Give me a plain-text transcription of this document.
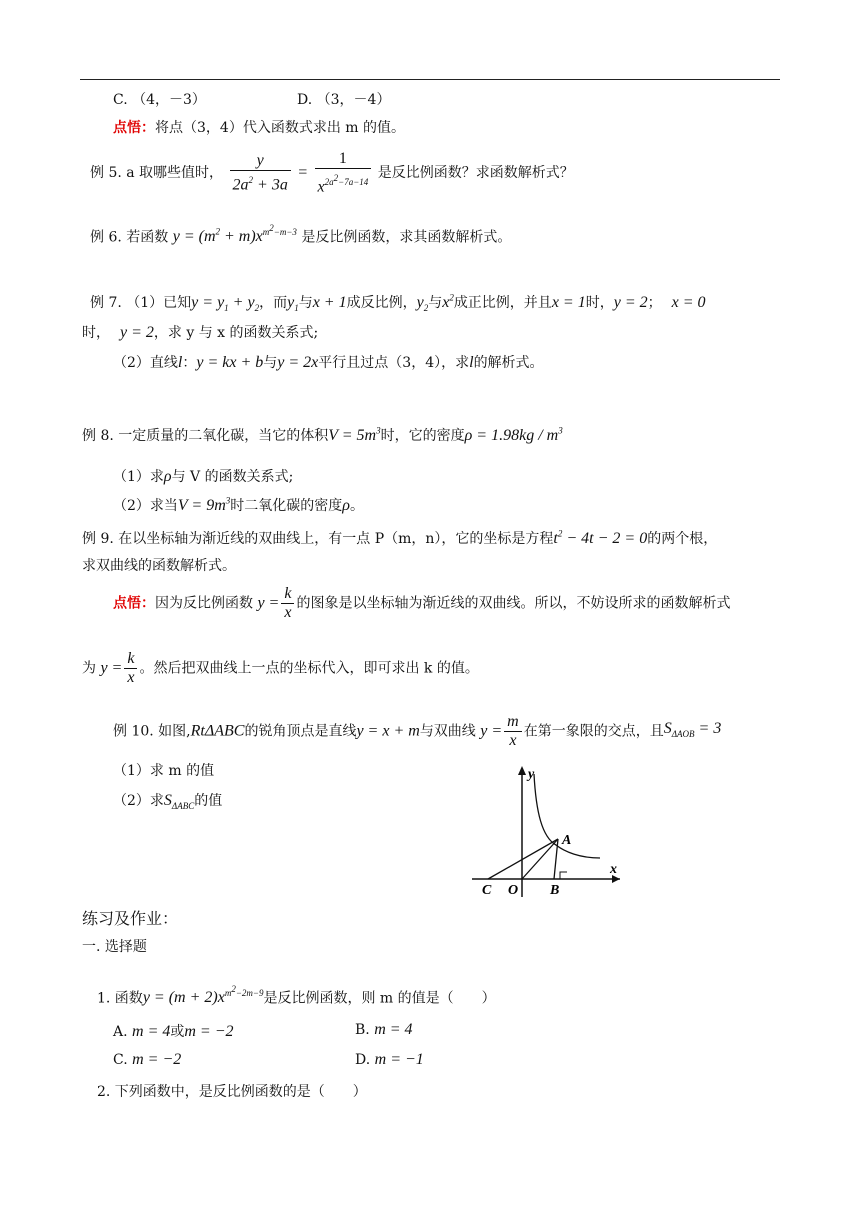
C. （4，－3）	D. （3，－4）
点悟：将点（3，4）代入函数式求出 m 的值。
例 5. a 取哪些值时， $\frac{y}{2a^2 + 3a} = \frac{1}{x^{2a^2-7a-14}}$ 是反比例函数？求函数解析式？
例 6. 若函数 $y = (m^2 + m)x^{m^2-m-3}$ 是反比例函数，求其函数解析式。
例 7. （1）已知$y = y_1 + y_2$，而$y_1$与x + 1成反比例，$y_2$与$x^2$成正比例，并且x = 1时，y = 2； x = 0
时， y = 2，求 y 与 x 的函数关系式;
（2）直线l：y = kx + b与y = 2x平行且过点（3，4），求l的解析式。
例 8. 一定质量的二氧化碳，当它的体积$V = 5m^3$时，它的密度$\rho = 1.98kg / m^3$
（1）求ρ与 V 的函数关系式;
（2）求当$V = 9m^3$时二氧化碳的密度ρ。
例 9. 在以坐标轴为渐近线的双曲线上，有一点 P（m，n），它的坐标是方程$t^2 - 4t - 2 = 0$的两个根，
求双曲线的函数解析式。
点悟：因为反比例函数 $y = \frac{k}{x}$ 的图象是以坐标轴为渐近线的双曲线。所以，不妨设所求的函数解析式
为 $y = \frac{k}{x}$ 。然后把双曲线上一点的坐标代入，即可求出 k 的值。
例 10. 如图,RtΔABC的锐角顶点是直线y = x + m与双曲线 $y = \frac{m}{x}$ 在第一象限的交点，且$S_{\Delta AOB} = 3$
（1）求 m 的值
（2）求$S_{\Delta ABC}$的值
y
x
A
B
C O
练习及作业：
一. 选择题
1. 函数$y = (m + 2)x^{m^2-2m-9}$是反比例函数，则 m 的值是（　　）
A. m = 4或m = −2	B. m = 4
C. m = −2	D. m = −1
2. 下列函数中，是反比例函数的是（　　）
